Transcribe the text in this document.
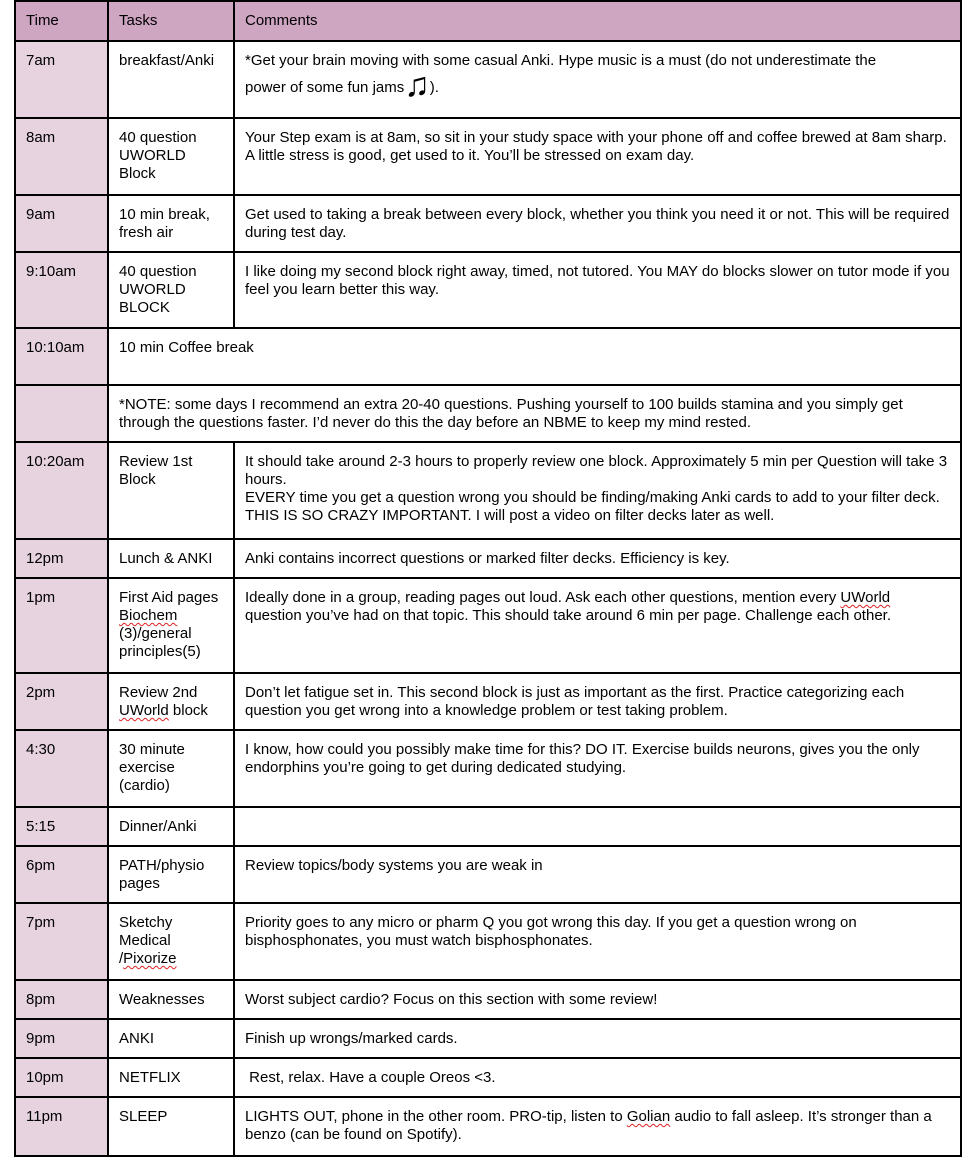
Time	Tasks	Comments
7am	breakfast/Anki	*Get your brain moving with some casual Anki. Hype music is a must (do not underestimate the
power of some fun jams♫).

8am	40 question UWORLD Block	Your Step exam is at 8am, so sit in your study space with your phone off and coffee brewed at 8am sharp. A little stress is good, get used to it. You’ll be stressed on exam day.
9am	10 min break, fresh air	Get used to taking a break between every block, whether you think you need it or not. This will be required during test day.
9:10am	40 question UWORLD BLOCK	I like doing my second block right away, timed, not tutored. You MAY do blocks slower on tutor mode if you feel you learn better this way.
10:10am	10 min Coffee break	
	*NOTE: some days I recommend an extra 20-40 questions. Pushing yourself to 100 builds stamina and you simply get through the questions faster. I’d never do this the day before an NBME to keep my mind rested.	
10:20am	Review 1st Block	It should take around 2-3 hours to properly review one block. Approximately 5 min per Question will take 3 hours.
EVERY time you get a question wrong you should be finding/making Anki cards to add to your filter deck. THIS IS SO CRAZY IMPORTANT. I will post a video on filter decks later as well.

12pm	Lunch & ANKI	Anki contains incorrect questions or marked filter decks. Efficiency is key.
1pm	First Aid pages Biochem (3)/general principles(5)	Ideally done in a group, reading pages out loud. Ask each other questions, mention every UWorld question you’ve had on that topic. This should take around 6 min per page. Challenge each other.
2pm	Review 2nd UWorld block	Don’t let fatigue set in. This second block is just as important as the first. Practice categorizing each question you get wrong into a knowledge problem or test taking problem.
4:30	30 minute exercise (cardio)	I know, how could you possibly make time for this? DO IT. Exercise builds neurons, gives you the only endorphins you’re going to get during dedicated studying.
5:15	Dinner/Anki	
6pm	PATH/physio pages	Review topics/body systems you are weak in
7pm	Sketchy Medical /Pixorize	Priority goes to any micro or pharm Q you got wrong this day. If you get a question wrong on bisphosphonates, you must watch bisphosphonates.
8pm	Weaknesses	Worst subject cardio? Focus on this section with some review!
9pm	ANKI	Finish up wrongs/marked cards.
10pm	NETFLIX	Rest, relax. Have a couple Oreos <3.
11pm	SLEEP	LIGHTS OUT, phone in the other room. PRO-tip, listen to Golian audio to fall asleep. It’s stronger than a benzo (can be found on Spotify).
